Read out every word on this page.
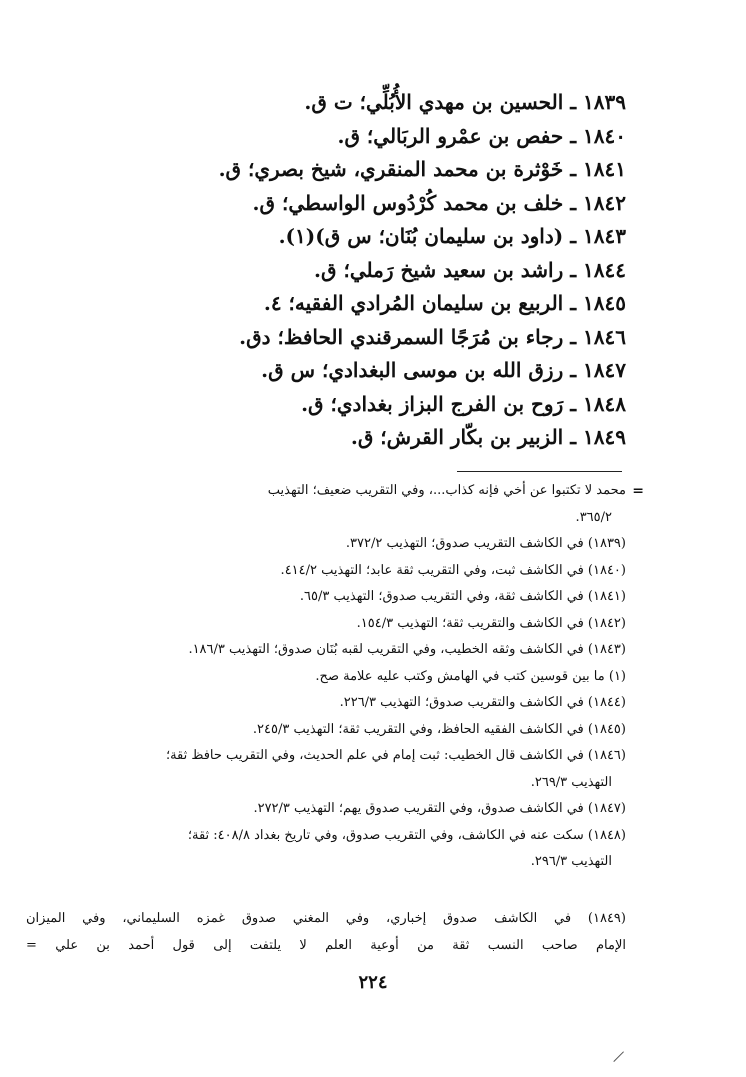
١٨٣٩ ـ الحسين بن مهدي الأُبُلِّي؛ ت ق.
١٨٤٠ ـ حفص بن عمْرو الربَالي؛ ق.
١٨٤١ ـ خَوْثرة بن محمد المنقري، شيخ بصري؛ ق.
١٨٤٢ ـ خلف بن محمد كُرْدُوس الواسطي؛ ق.
١٨٤٣ ـ (داود بن سليمان بُنَان؛ س ق)(١).
١٨٤٤ ـ راشد بن سعيد شيخ رَملي؛ ق.
١٨٤٥ ـ الربيع بن سليمان المُرادي الفقيه؛ ٤.
١٨٤٦ ـ رجاء بن مُرَجًا السمرقندي الحافظ؛ دق.
١٨٤٧ ـ رزق الله بن موسى البغدادي؛ س ق.
١٨٤٨ ـ رَوح بن الفرج البزاز بغدادي؛ ق.
١٨٤٩ ـ الزبير بن بكّار القرش؛ ق.
=
محمد لا تكتبوا عن أخي فإنه كذاب...، وفي التقريب ضعيف؛ التهذيب
٣٦٥/٢.
(١٨٣٩) في الكاشف التقريب صدوق؛ التهذيب ٣٧٢/٢.
(١٨٤٠) في الكاشف ثبت، وفي التقريب ثقة عابد؛ التهذيب ٤١٤/٢.
(١٨٤١) في الكاشف ثقة، وفي التقريب صدوق؛ التهذيب ٦٥/٣.
(١٨٤٢) في الكاشف والتقريب ثقة؛ التهذيب ١٥٤/٣.
(١٨٤٣) في الكاشف وثقه الخطيب، وفي التقريب لقبه بُنَان صدوق؛ التهذيب ١٨٦/٣.
(١) ما بين قوسين كتب في الهامش وكتب عليه علامة صح.
(١٨٤٤) في الكاشف والتقريب صدوق؛ التهذيب ٢٢٦/٣.
(١٨٤٥) في الكاشف الفقيه الحافظ، وفي التقريب ثقة؛ التهذيب ٢٤٥/٣.
(١٨٤٦) في الكاشف قال الخطيب: ثبت إمام في علم الحديث، وفي التقريب حافظ ثقة؛
التهذيب ٢٦٩/٣.
(١٨٤٧) في الكاشف صدوق، وفي التقريب صدوق يهم؛ التهذيب ٢٧٢/٣.
(١٨٤٨) سكت عنه في الكاشف، وفي التقريب صدوق، وفي تاريخ بغداد ٤٠٨/٨: ثقة؛
التهذيب ٢٩٦/٣.
(١٨٤٩) في الكاشف صدوق إخباري، وفي المغني صدوق غمزه السليماني، وفي الميزان
الإمام صاحب النسب ثقة من أوعية العلم لا يلتفت إلى قول أحمد بن علي =
٢٢٤
